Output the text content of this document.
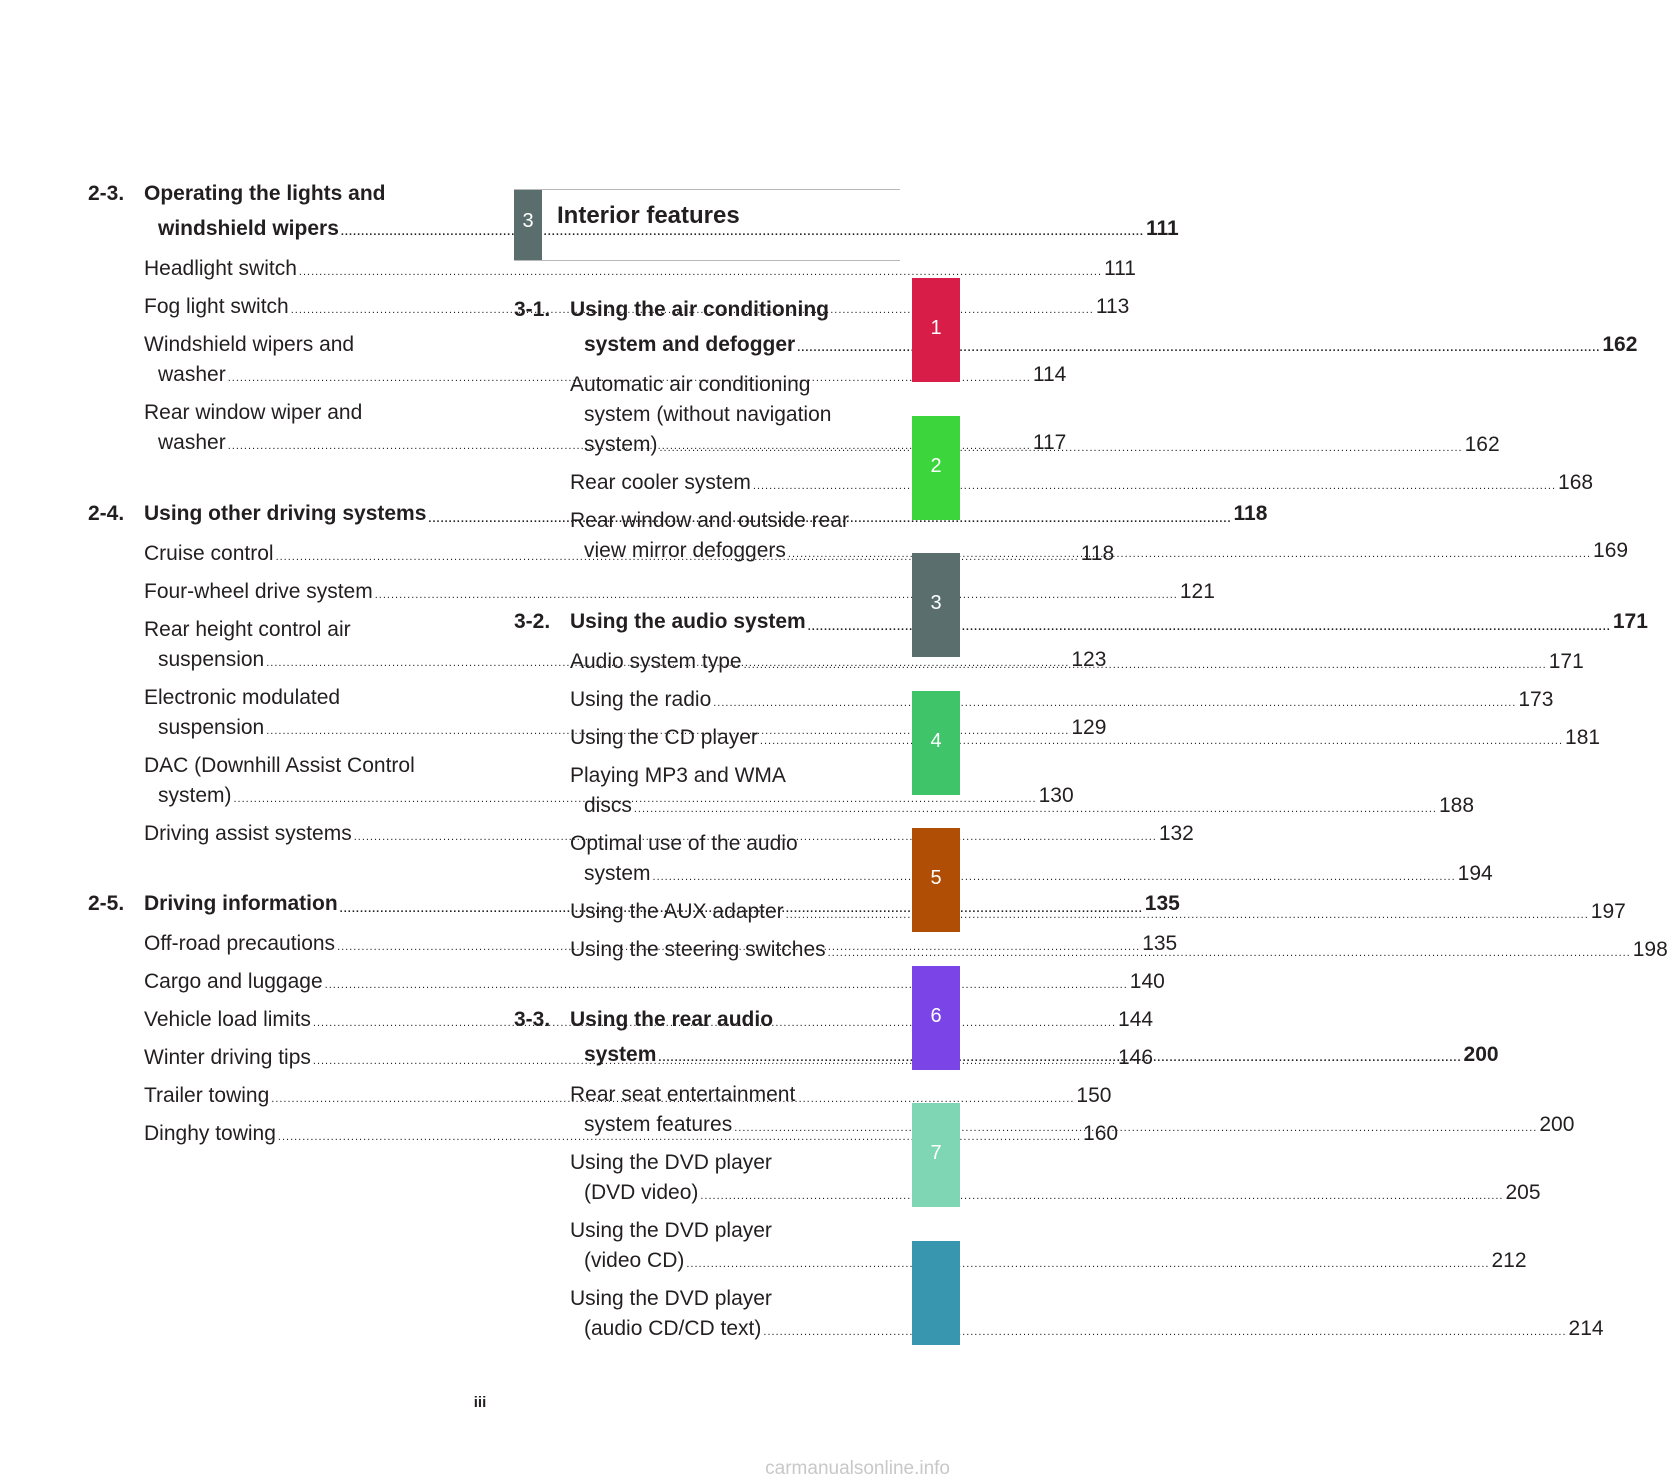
2-3. Operating the lights and
windshield wipers .....	111
Headlight switch .....	111
Fog light switch .....	113
Windshield wipers and
washer .....	114
Rear window wiper and
washer .....	117
2-4. Using other driving systems .....	118
Cruise control .....	118
Four-wheel drive system .....	121
Rear height control air
suspension .....	123
Electronic modulated
suspension .....	129
DAC (Downhill Assist Control
system) .....	130
Driving assist systems .....	132
2-5. Driving information .....	135
Off-road precautions .....	135
Cargo and luggage .....	140
Vehicle load limits .....	144
Winter driving tips .....	146
Trailer towing .....	150
Dinghy towing .....	160
3-1. Using the air conditioning
system and defogger .....	162
Automatic air conditioning
system (without navigation
system) .....	162
Rear cooler system .....	168
Rear window and outside rear
view mirror defoggers .....	169
3-2. Using the audio system .....	171
Audio system type .....	171
Using the radio .....	173
Using the CD player .....	181
Playing MP3 and WMA
discs .....	188
Optimal use of the audio
system .....	194
Using the AUX adapter .....	197
Using the steering switches .....	198
3-3. Using the rear audio
system .....	200
Rear seat entertainment
system features .....	200
Using the DVD player
(DVD video) .....	205
Using the DVD player
(video CD) .....	212
Using the DVD player
(audio CD/CD text) .....	214
3 Interior features
1
2
3
4
5
6
7
iii
carmanualsonline.info
